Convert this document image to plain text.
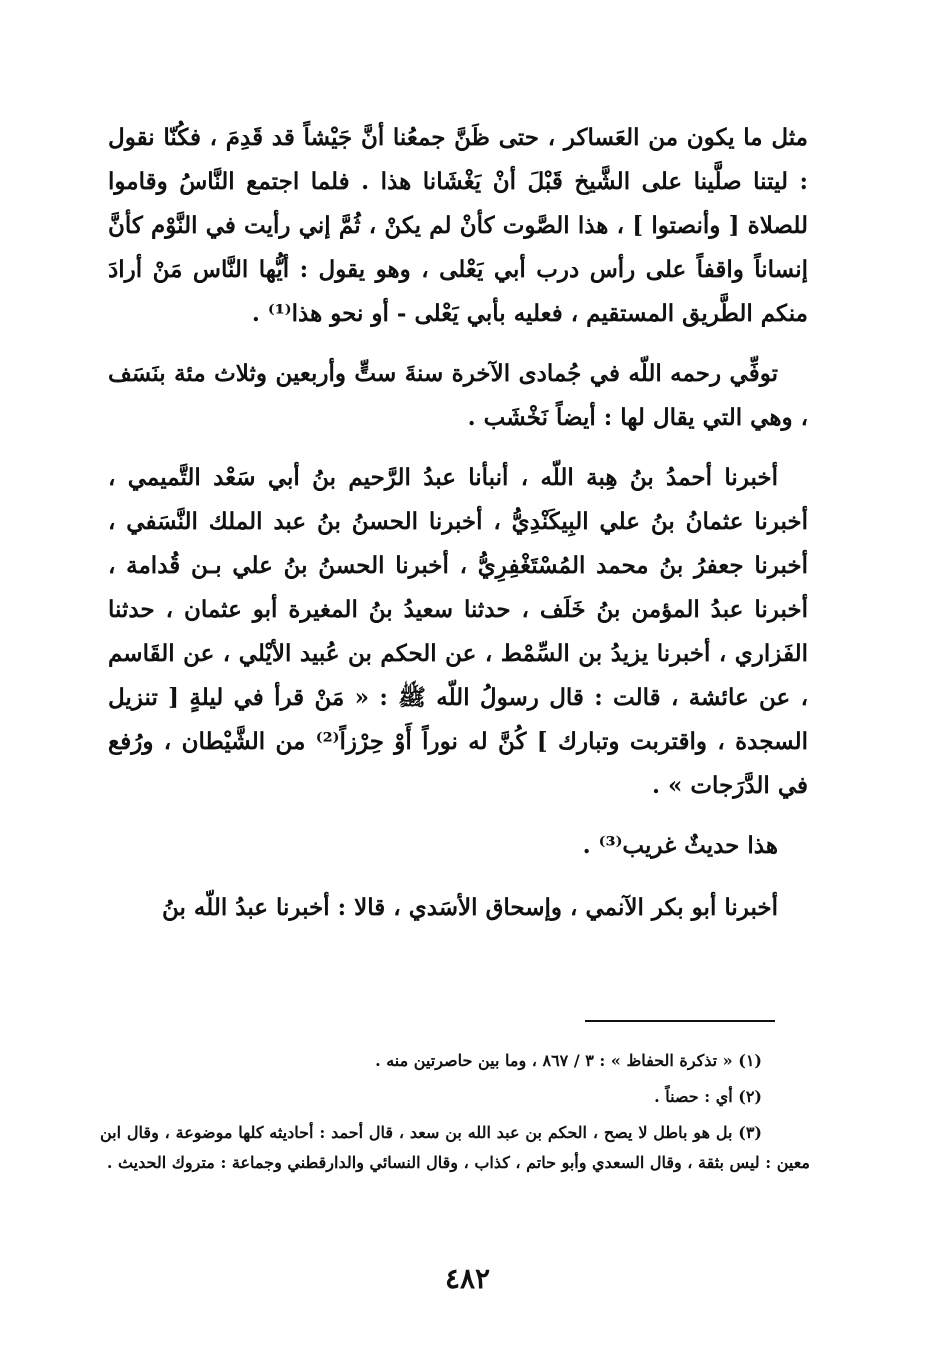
مثل ما يكون من العَساكر ، حتى ظَنَّ جمعُنا أنَّ جَيْشاً قد قَدِمَ ، فكُنّا نقول : ليتنا صلَّينا على الشَّيخ قَبْلَ أنْ يَغْشَانا هذا . فلما اجتمع النَّاسُ وقاموا للصلاة [ وأنصتوا ] ، هذا الصَّوت كأنْ لم يكنْ ، ثُمَّ إني رأيت في النَّوْم كأنَّ إنساناً واقفاً على رأس درب أبي يَعْلى ، وهو يقول : أيُّها النَّاس مَنْ أرادَ منكم الطَّريق المستقيم ، فعليه بأبي يَعْلى - أو نحو هذا⁽¹⁾ .

توفِّي رحمه اللّه في جُمادى الآخرة سنةَ ستٍّ وأربعين وثلاث مئة بنَسَف ، وهي التي يقال لها : أيضاً نَخْشَب .

أخبرنا أحمدُ بنُ هِبة اللّه ، أنبأنا عبدُ الرَّحيم بنُ أبي سَعْد التَّميمي ، أخبرنا عثمانُ بنُ علي البِيكَنْدِيُّ ، أخبرنا الحسنُ بنُ عبد الملك النَّسَفي ، أخبرنا جعفرُ بنُ محمد المُسْتَغْفِرِيُّ ، أخبرنا الحسنُ بنُ علي بـن قُدامة ، أخبرنا عبدُ المؤمن بنُ خَلَف ، حدثنا سعيدُ بنُ المغيرة أبو عثمان ، حدثنا الفَزاري ، أخبرنا يزيدُ بن السِّمْط ، عن الحكم بن عُبيد الأيْلي ، عن القَاسم ، عن عائشة ، قالت : قال رسولُ اللّه ﷺ : « مَنْ قرأ في ليلةٍ [ تنزيل السجدة ، واقتربت وتبارك ] كُنَّ له نوراً أَوْ حِرْزاً⁽²⁾ من الشَّيْطان ، ورُفع في الدَّرَجات » .

هذا حديثٌ غريب⁽³⁾ .

أخبرنا أبو بكر الآنمي ، وإسحاق الأسَدي ، قالا : أخبرنا عبدُ اللّه بنُ

(١) « تذكرة الحفاظ » : ٣ / ٨٦٧ ، وما بين حاصرتين منه .

(٢) أي : حصناً .

(٣) بل هو باطل لا يصح ، الحكم بن عبد الله بن سعد ، قال أحمد : أحاديثه كلها موضوعة ، وقال ابن معين : ليس بثقة ، وقال السعدي وأبو حاتم ، كذاب ، وقال النسائي والدارقطني وجماعة : متروك الحديث .

٤٨٢
